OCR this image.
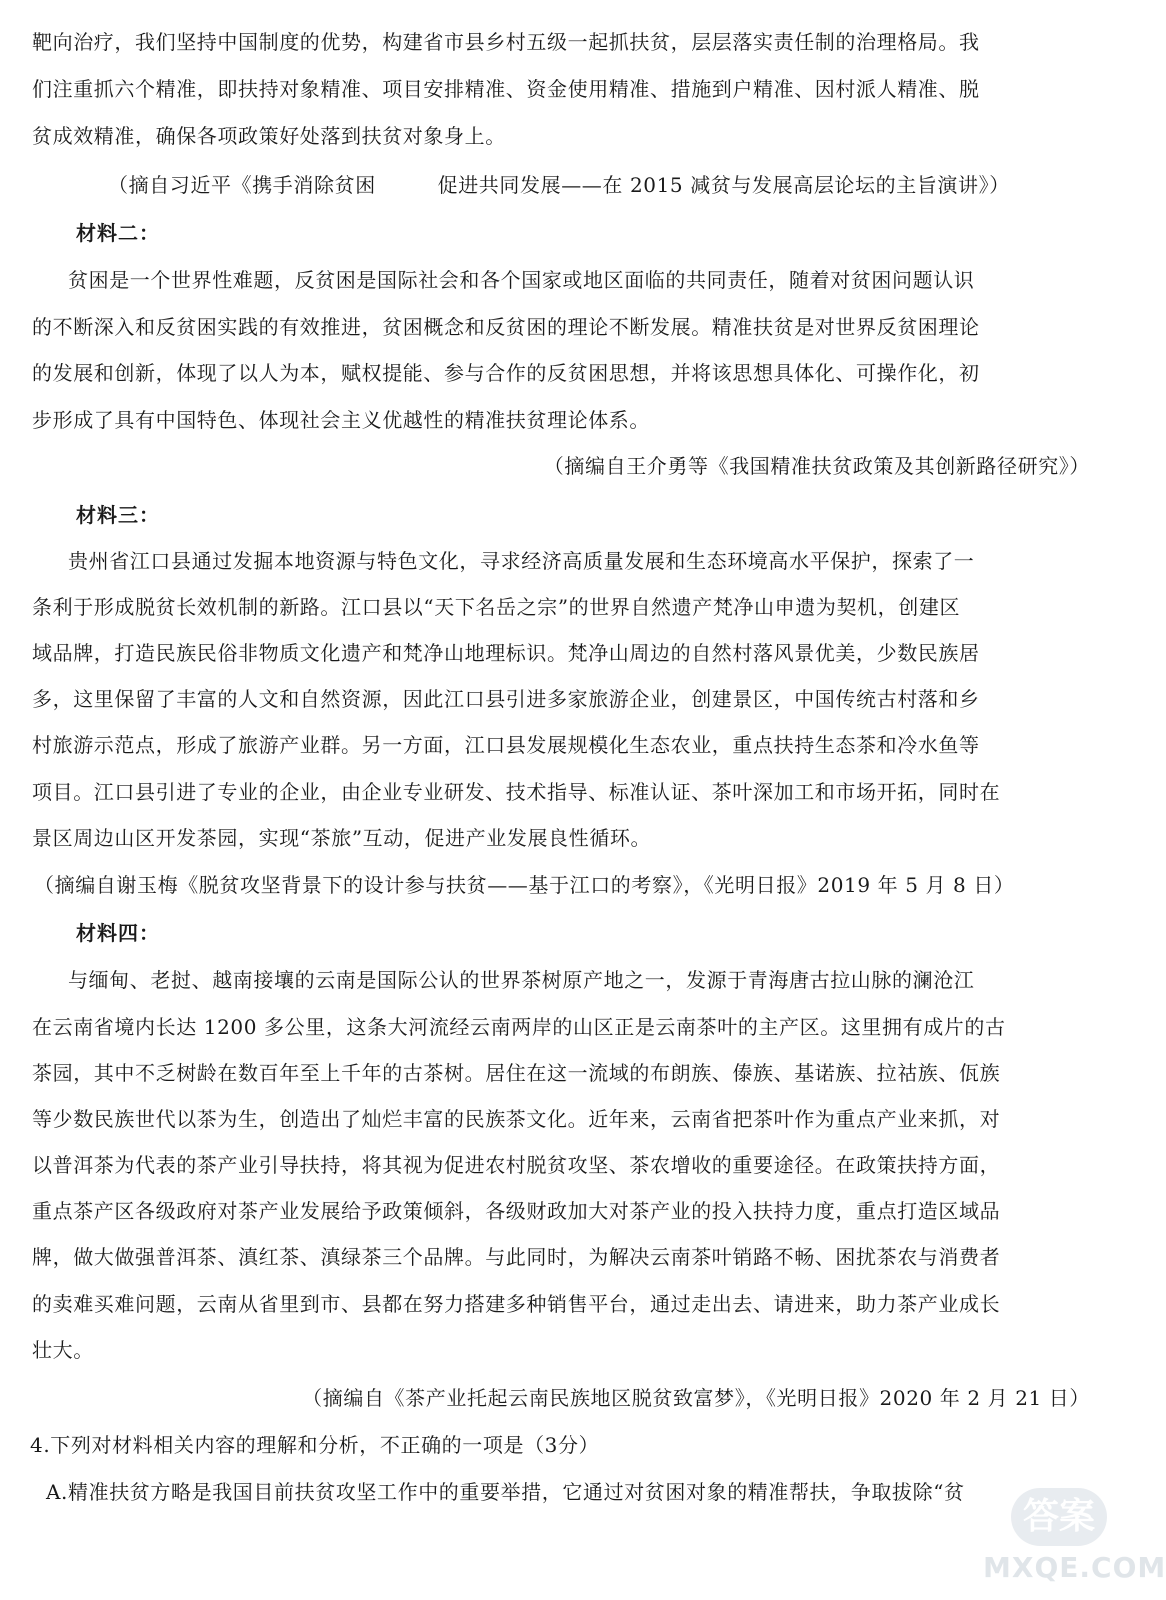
靶向治疗，我们坚持中国制度的优势，构建省市县乡村五级一起抓扶贫，层层落实责任制的治理格局。我
们注重抓六个精准，即扶持对象精准、项目安排精准、资金使用精准、措施到户精准、因村派人精准、脱
贫成效精准，确保各项政策好处落到扶贫对象身上。
（摘自习近平《携手消除贫困　　　促进共同发展——在 2015 减贫与发展高层论坛的主旨演讲》）
材料二：
贫困是一个世界性难题，反贫困是国际社会和各个国家或地区面临的共同责任，随着对贫困问题认识
的不断深入和反贫困实践的有效推进，贫困概念和反贫困的理论不断发展。精准扶贫是对世界反贫困理论
的发展和创新，体现了以人为本，赋权提能、参与合作的反贫困思想，并将该思想具体化、可操作化，初
步形成了具有中国特色、体现社会主义优越性的精准扶贫理论体系。
（摘编自王介勇等《我国精准扶贫政策及其创新路径研究》）
材料三：
贵州省江口县通过发掘本地资源与特色文化，寻求经济高质量发展和生态环境高水平保护，探索了一
条利于形成脱贫长效机制的新路。江口县以“天下名岳之宗”的世界自然遗产梵净山申遗为契机，创建区
域品牌，打造民族民俗非物质文化遗产和梵净山地理标识。梵净山周边的自然村落风景优美，少数民族居
多，这里保留了丰富的人文和自然资源，因此江口县引进多家旅游企业，创建景区，中国传统古村落和乡
村旅游示范点，形成了旅游产业群。另一方面，江口县发展规模化生态农业，重点扶持生态茶和冷水鱼等
项目。江口县引进了专业的企业，由企业专业研发、技术指导、标准认证、茶叶深加工和市场开拓，同时在
景区周边山区开发茶园，实现“茶旅”互动，促进产业发展良性循环。
（摘编自谢玉梅《脱贫攻坚背景下的设计参与扶贫——基于江口的考察》，《光明日报》2019 年 5 月 8 日）
材料四：
与缅甸、老挝、越南接壤的云南是国际公认的世界茶树原产地之一，发源于青海唐古拉山脉的澜沧江
在云南省境内长达 1200 多公里，这条大河流经云南两岸的山区正是云南茶叶的主产区。这里拥有成片的古
茶园，其中不乏树龄在数百年至上千年的古茶树。居住在这一流域的布朗族、傣族、基诺族、拉祜族、佤族
等少数民族世代以茶为生，创造出了灿烂丰富的民族茶文化。近年来，云南省把茶叶作为重点产业来抓，对
以普洱茶为代表的茶产业引导扶持，将其视为促进农村脱贫攻坚、茶农增收的重要途径。在政策扶持方面，
重点茶产区各级政府对茶产业发展给予政策倾斜，各级财政加大对茶产业的投入扶持力度，重点打造区域品
牌，做大做强普洱茶、滇红茶、滇绿茶三个品牌。与此同时，为解决云南茶叶销路不畅、困扰茶农与消费者
的卖难买难问题，云南从省里到市、县都在努力搭建多种销售平台，通过走出去、请进来，助力茶产业成长
壮大。
（摘编自《茶产业托起云南民族地区脱贫致富梦》，《光明日报》2020 年 2 月 21 日）
4.下列对材料相关内容的理解和分析，不正确的一项是（3分）
A.精准扶贫方略是我国目前扶贫攻坚工作中的重要举措，它通过对贫困对象的精准帮扶，争取拔除“贫
答案
MXQE.COM
